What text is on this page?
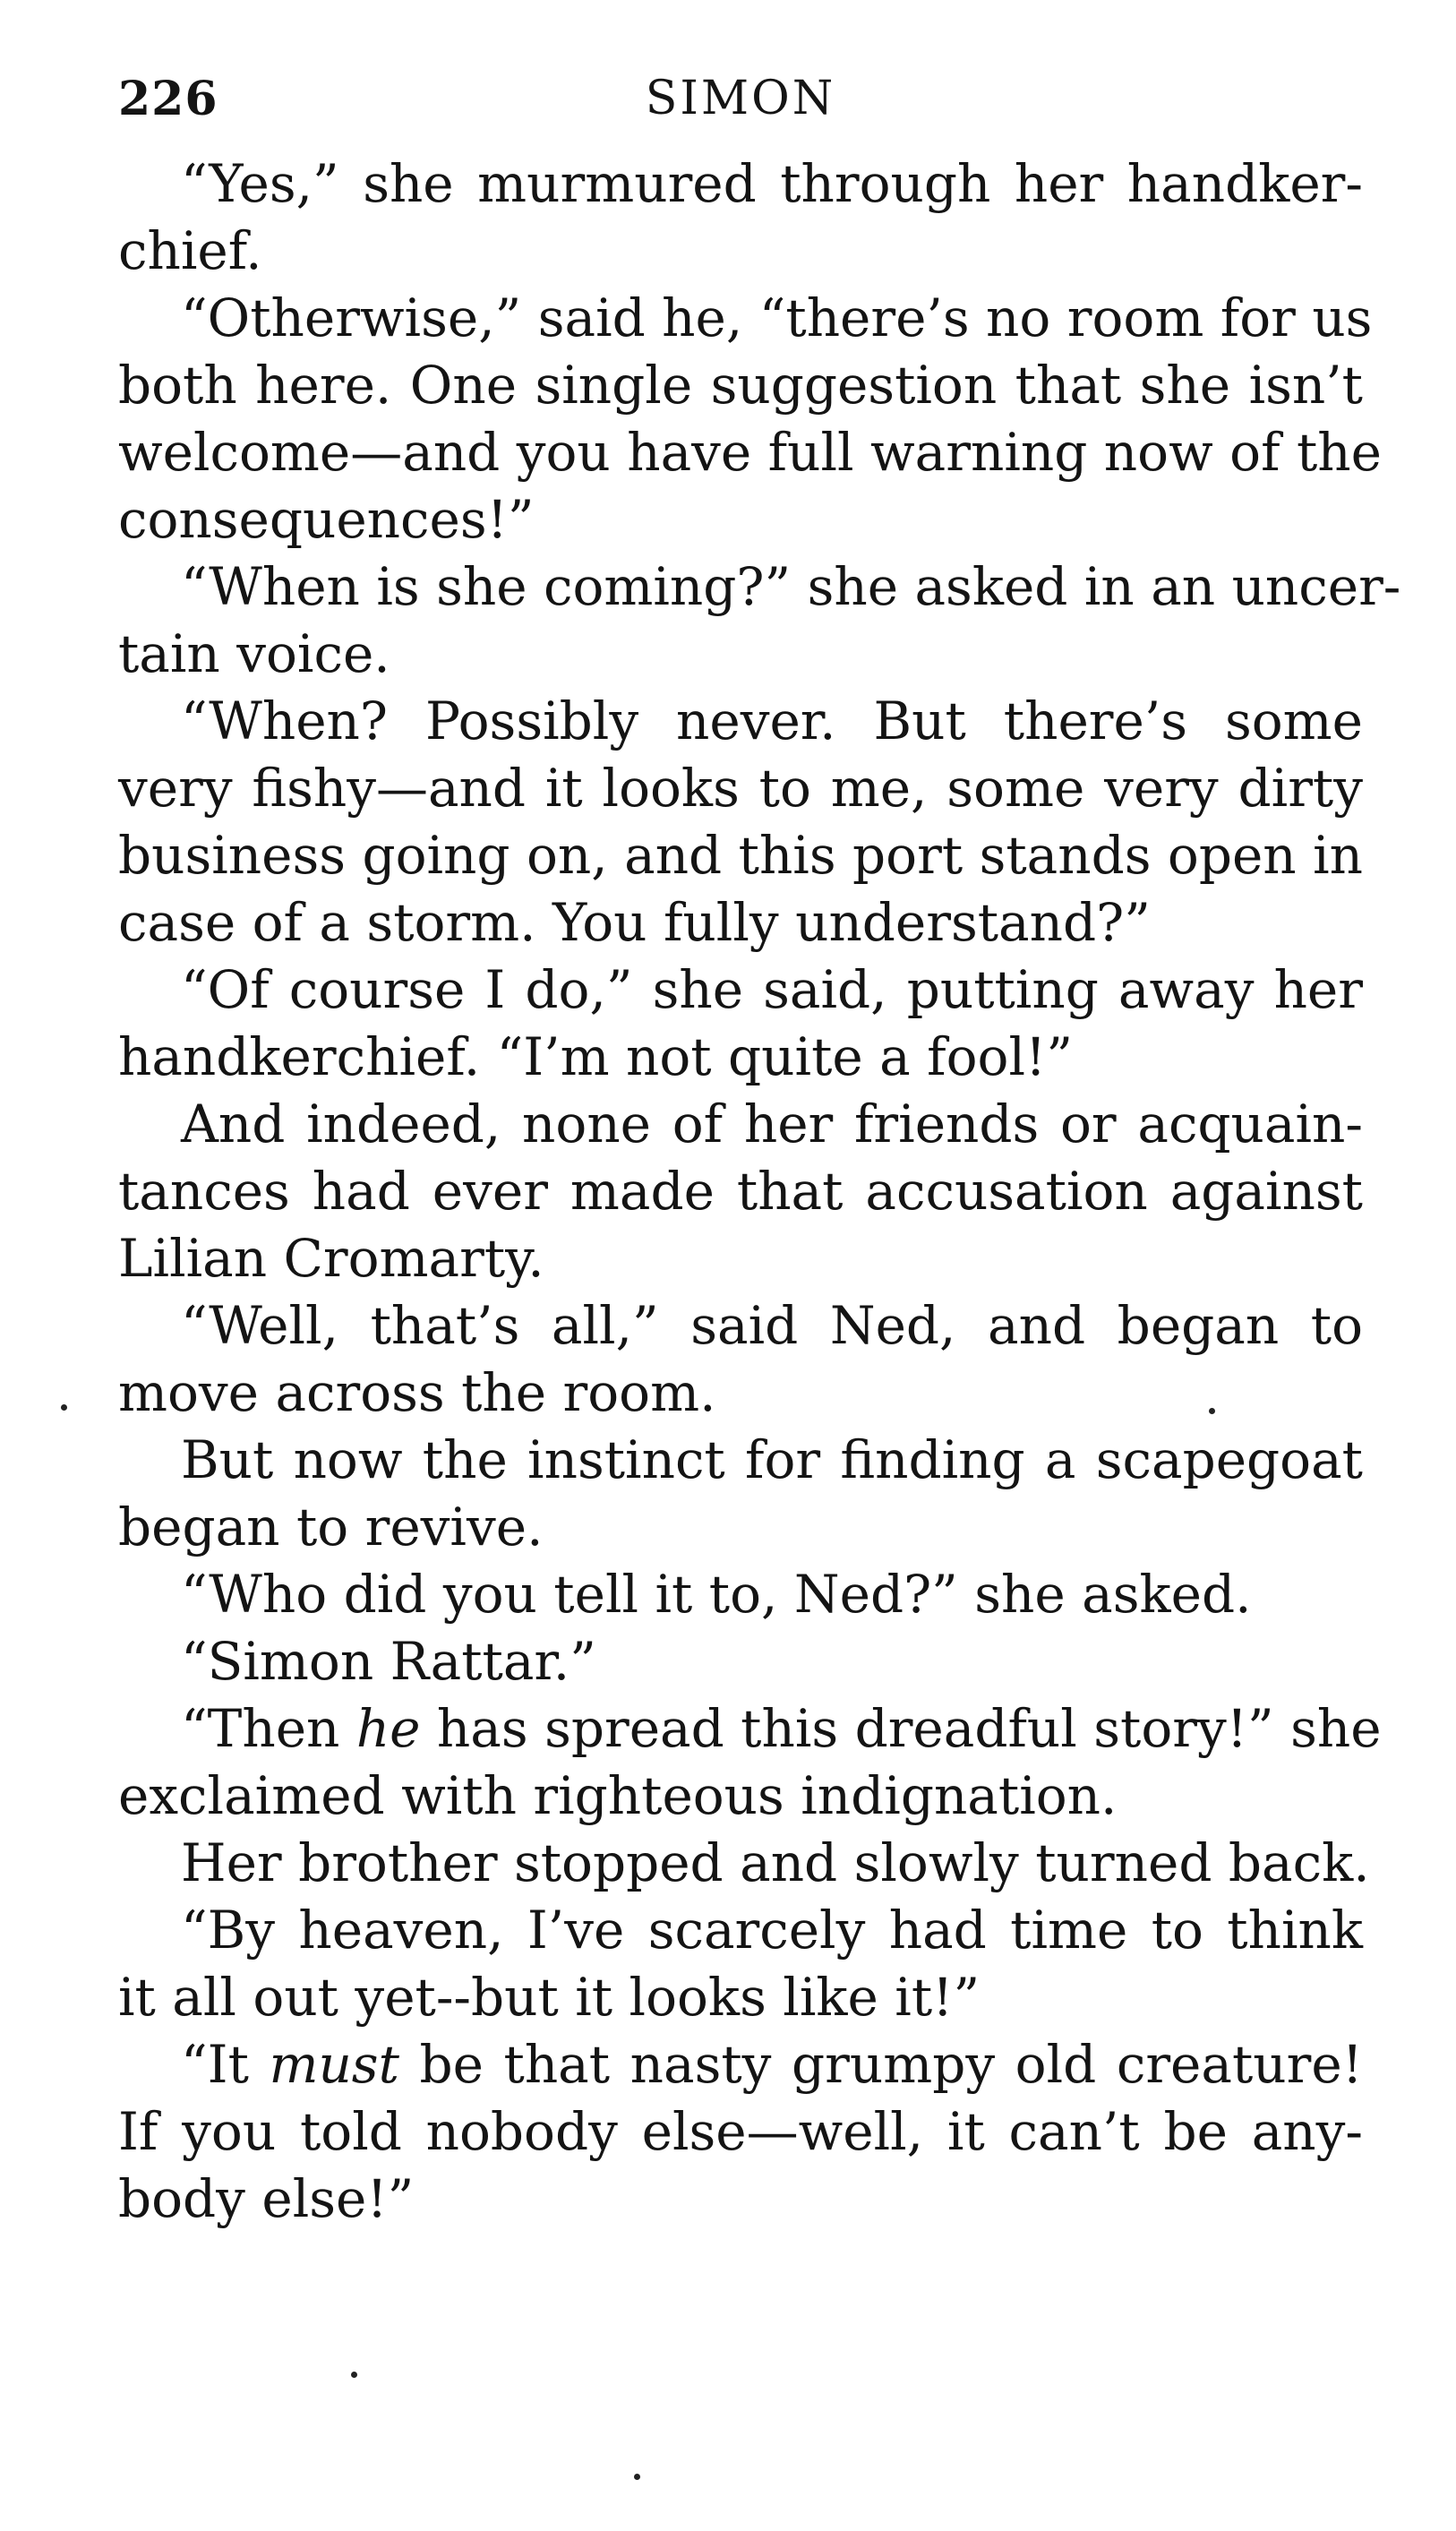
226	SIMON
“Yes,” she murmured through her handker-
chief.
“Otherwise,” said he, “there’s no room for us
both here. One single suggestion that she isn’t
welcome—and you have full warning now of the
consequences!”
“When is she coming?” she asked in an uncer-
tain voice.
“When? Possibly never. But there’s some
very fishy—and it looks to me, some very dirty
business going on, and this port stands open in
case of a storm. You fully understand?”
“Of course I do,” she said, putting away her
handkerchief. “I’m not quite a fool!”
And indeed, none of her friends or acquain-
tances had ever made that accusation against
Lilian Cromarty.
“Well, that’s all,” said Ned, and began to
move across the room.
But now the instinct for finding a scapegoat
began to revive.
“Who did you tell it to, Ned?” she asked.
“Simon Rattar.”
“Then he has spread this dreadful story!” she
exclaimed with righteous indignation.
Her brother stopped and slowly turned back.
“By heaven, I’ve scarcely had time to think
it all out yet--but it looks like it!”
“It must be that nasty grumpy old creature!
If you told nobody else—well, it can’t be any-
body else!”
